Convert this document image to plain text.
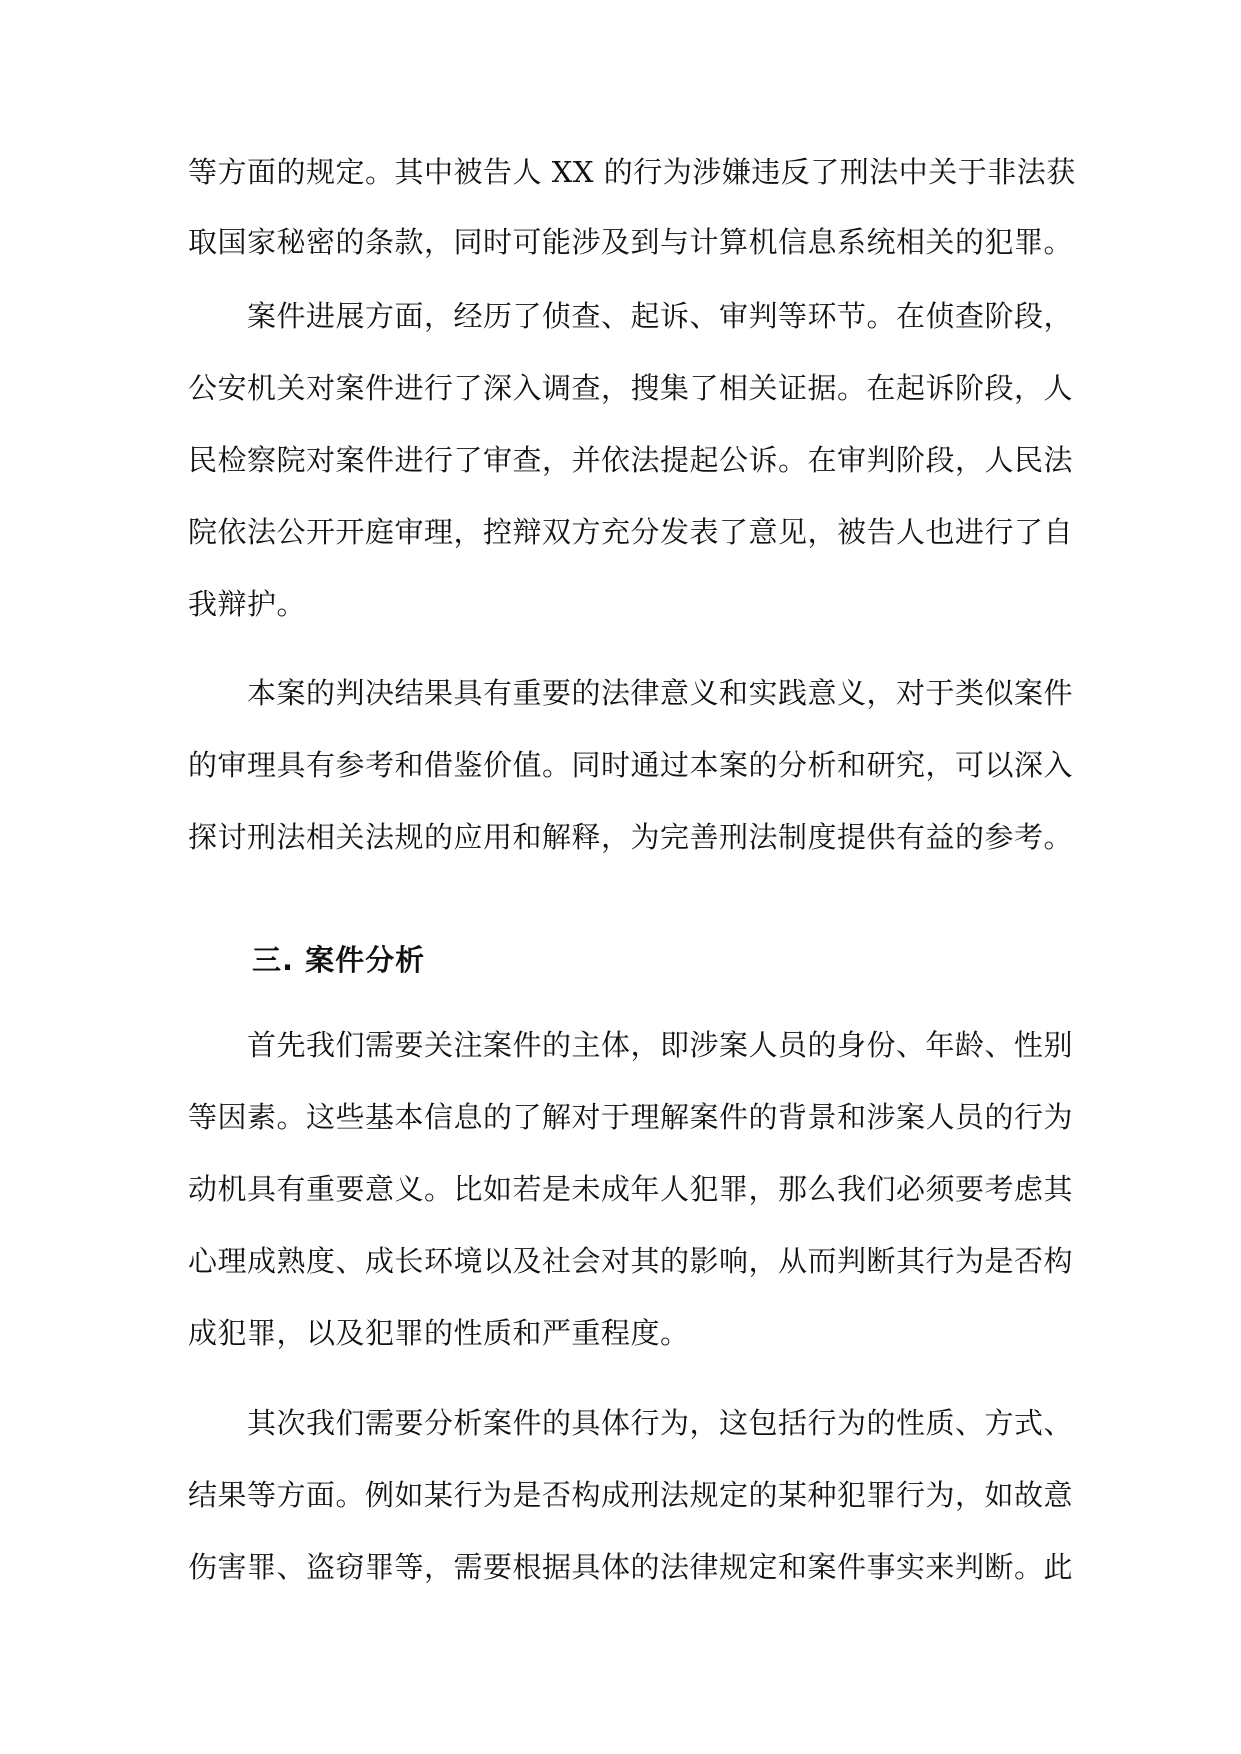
等方面的规定。其中被告人 XX 的行为涉嫌违反了刑法中关于非法获
取国家秘密的条款，同时可能涉及到与计算机信息系统相关的犯罪。
案件进展方面，经历了侦查、起诉、审判等环节。在侦查阶段，
公安机关对案件进行了深入调查，搜集了相关证据。在起诉阶段，人
民检察院对案件进行了审查，并依法提起公诉。在审判阶段，人民法
院依法公开开庭审理，控辩双方充分发表了意见，被告人也进行了自
我辩护。
本案的判决结果具有重要的法律意义和实践意义，对于类似案件
的审理具有参考和借鉴价值。同时通过本案的分析和研究，可以深入
探讨刑法相关法规的应用和解释，为完善刑法制度提供有益的参考。
三. 案件分析
首先我们需要关注案件的主体，即涉案人员的身份、年龄、性别
等因素。这些基本信息的了解对于理解案件的背景和涉案人员的行为
动机具有重要意义。比如若是未成年人犯罪，那么我们必须要考虑其
心理成熟度、成长环境以及社会对其的影响，从而判断其行为是否构
成犯罪，以及犯罪的性质和严重程度。
其次我们需要分析案件的具体行为，这包括行为的性质、方式、
结果等方面。例如某行为是否构成刑法规定的某种犯罪行为，如故意
伤害罪、盗窃罪等，需要根据具体的法律规定和案件事实来判断。此
